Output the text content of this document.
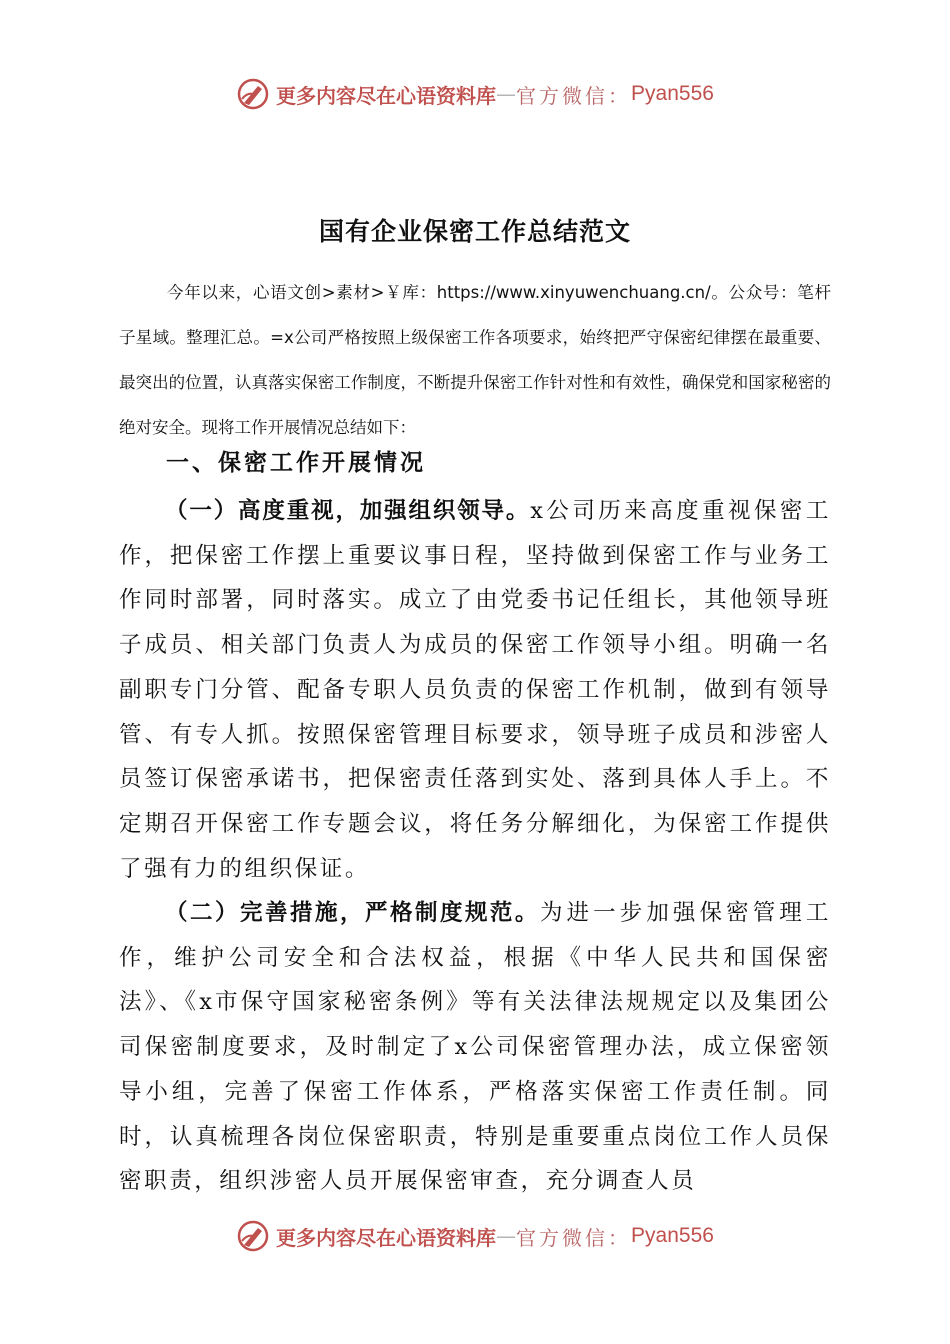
更多内容尽在心语资料库 — 官方微信： Pyan556
国有企业保密工作总结范文

今年以来，心语文创>素材>￥库：https://www.xinyuwenchuang.cn/。公众号：笔杆子星域。整理汇总。=x公司严格按照上级保密工作各项要求，始终把严守保密纪律摆在最重要、最突出的位置，认真落实保密工作制度，不断提升保密工作针对性和有效性，确保党和国家秘密的绝对安全。现将工作开展情况总结如下：

一、保密工作开展情况

（一）高度重视，加强组织领导。x公司历来高度重视保密工作，把保密工作摆上重要议事日程，坚持做到保密工作与业务工作同时部署，同时落实。成立了由党委书记任组长，其他领导班子成员、相关部门负责人为成员的保密工作领导小组。明确一名副职专门分管、配备专职人员负责的保密工作机制，做到有领导管、有专人抓。按照保密管理目标要求，领导班子成员和涉密人员签订保密承诺书，把保密责任落到实处、落到具体人手上。不定期召开保密工作专题会议，将任务分解细化，为保密工作提供了强有力的组织保证。

（二）完善措施，严格制度规范。为进一步加强保密管理工作，维护公司安全和合法权益，根据《中华人民共和国保密法》、《x市保守国家秘密条例》等有关法律法规规定以及集团公司保密制度要求，及时制定了x公司保密管理办法，成立保密领导小组，完善了保密工作体系，严格落实保密工作责任制。同时，认真梳理各岗位保密职责，特别是重要重点岗位工作人员保密职责，组织涉密人员开展保密审查，充分调查人员

更多内容尽在心语资料库 — 官方微信： Pyan556
